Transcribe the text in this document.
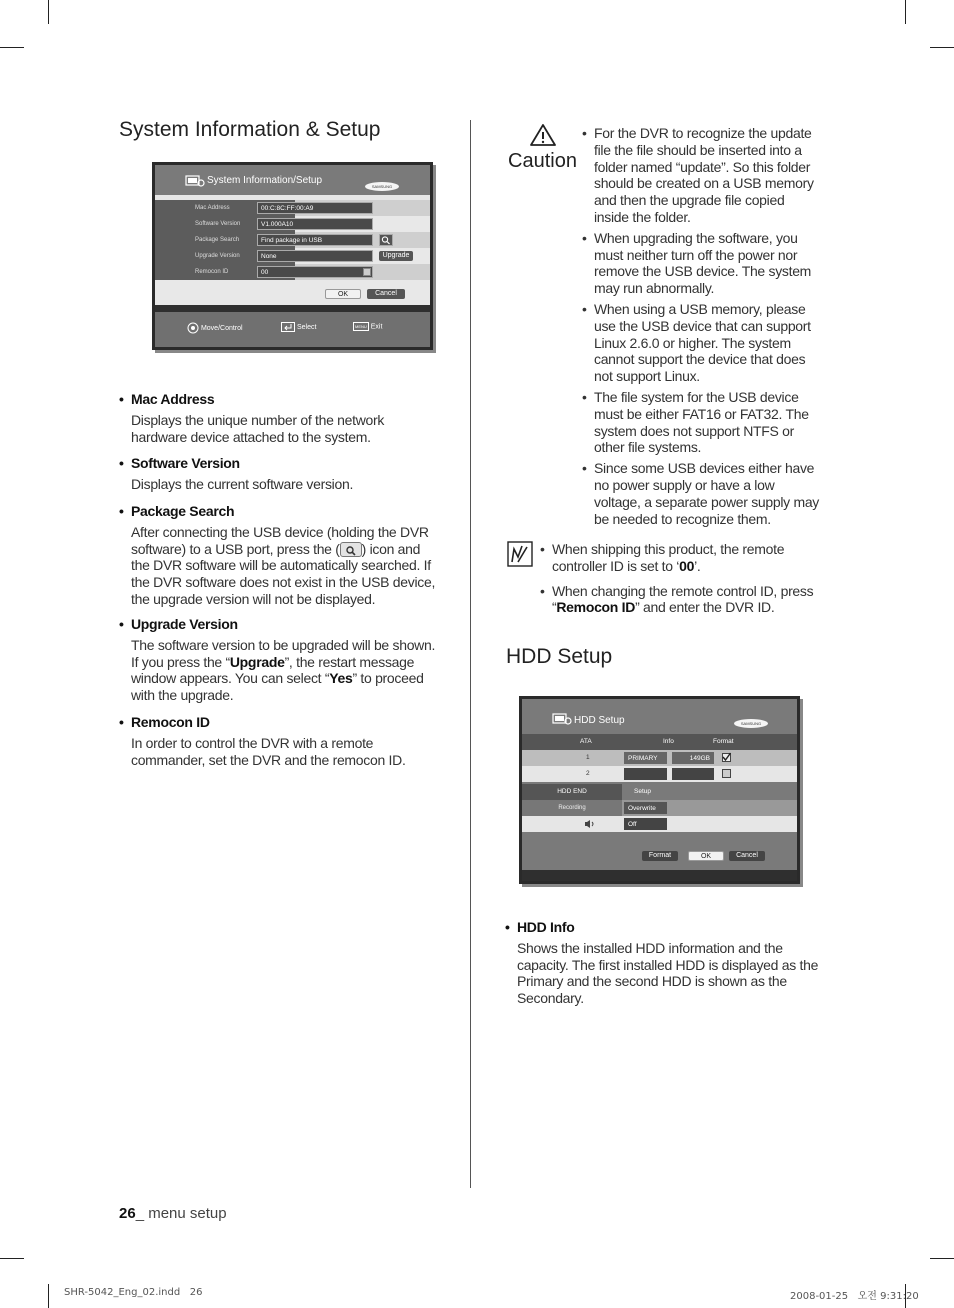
System Information & Setup
System Information/Setup
SAMSUNG
Mac Address	00:C:8C:FF:00:A9
Software Version	V1.000A10
Package Search	Find package in USB
Upgrade Version	None	Upgrade
Remocon ID	00
OK	Cancel
Move/Control	Select	MENU Exit
• Mac Address

Displays the unique number of the network hardware device attached to the system.

• Software Version

Displays the current software version.

• Package Search

After connecting the USB device (holding the DVR software) to a USB port, press the ( ) icon and the DVR software will be automatically searched. If the DVR software does not exist in the USB device, the upgrade version will not be displayed.

• Upgrade Version

The software version to be upgraded will be shown. If you press the “Upgrade”, the restart message window appears. You can select “Yes” to proceed with the upgrade.

• Remocon ID

In order to control the DVR with a remote commander, set the DVR and the remocon ID.

Caution
• For the DVR to recognize the update file the file should be inserted into a folder named “update”. So this folder should be created on a USB memory and then the upgrade file copied inside the folder.
• When upgrading the software, you must neither turn off the power nor remove the USB device. The system may run abnormally.
• When using a USB memory, please use the USB device that can support Linux 2.6.0 or higher. The system cannot support the device that does not support Linux.
• The file system for the USB device must be either FAT16 or FAT32. The system does not support NTFS or other file systems.
• Since some USB devices either have no power supply or have a low voltage, a separate power supply may be needed to recognize them.
• When shipping this product, the remote controller ID is set to ‘00’.
• When changing the remote control ID, press “Remocon ID” and enter the DVR ID.
HDD Setup
HDD Setup	SAMSUNG
ATA	Info	Format
1	PRIMARY	149GB
2
HDD END	Setup
Recording	Overwrite
Off
Format	OK	Cancel
• HDD Info

Shows the installed HDD information and the capacity. The first installed HDD is displayed as the Primary and the second HDD is shown as the Secondary.

26_ menu setup
SHR-5042_Eng_02.indd   26	2008-01-25   오전 9:31:20
